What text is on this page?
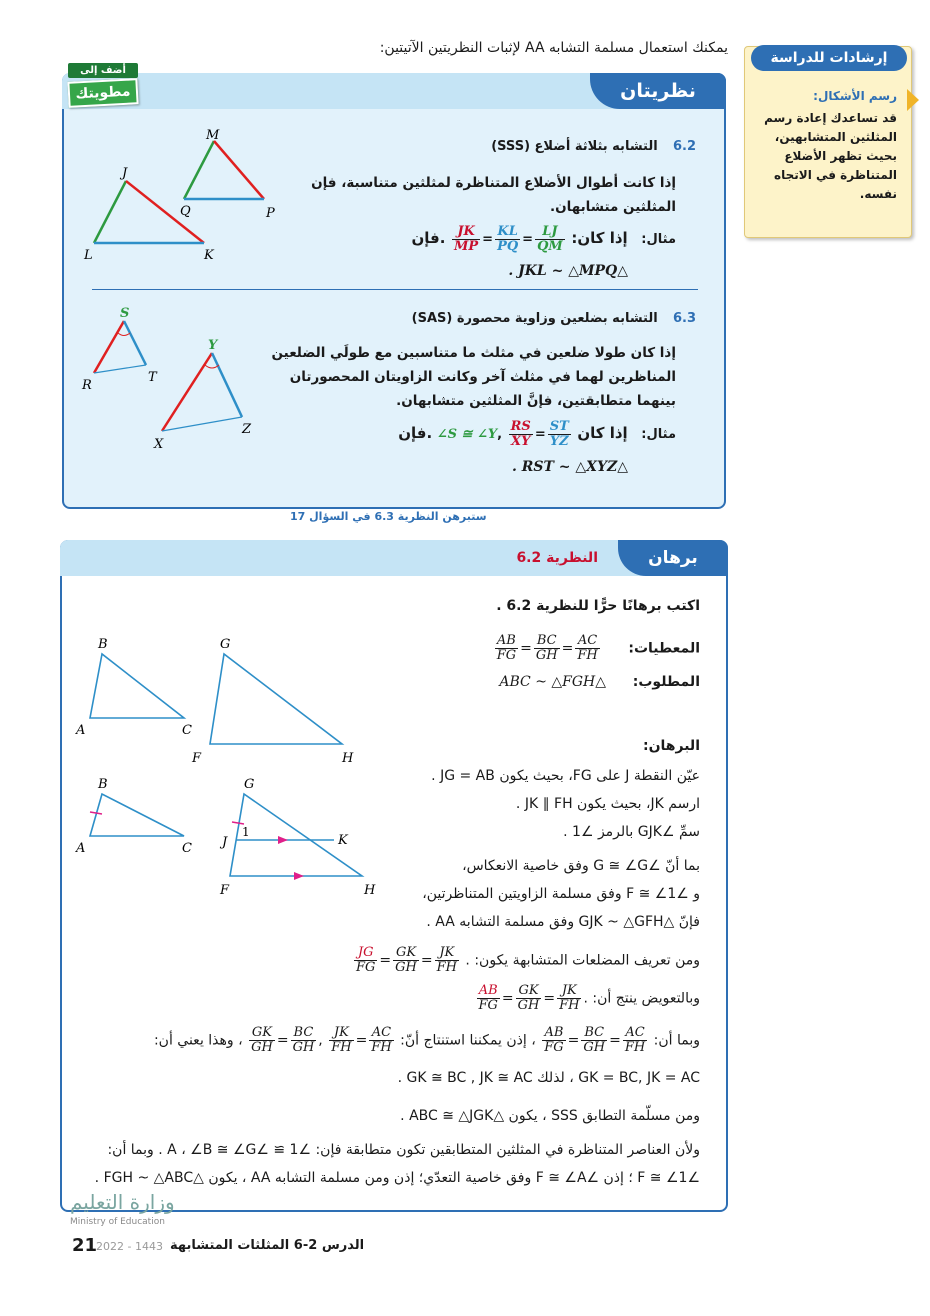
يمكنك استعمال مسلمة التشابه AA لإثبات النظريتين الآتيتين:
إرشادات للدراسة
رسم الأشكال:
قد تساعدك إعادة رسم المثلثين المتشابهين، بحيث تظهر الأضلاع المتناظرة في الاتجاه نفسه.
نظريتان
أضف إلى
مطويتك
6.2   التشابه بثلاثة أضلاع (SSS)
إذا كانت أطوال الأضلاع المتناظرة لمثلثين متناسبة، فإن
المثلثين متشابهان.
مثال:   إذا كان:
$\frac{JK}{MP} = \frac{KL}{PQ} = \frac{LJ}{QM}$
.فإن
△JKL ~ △MPQ .
M
J
Q	P
L	K
6.3   التشابه بضلعين وزاوية محصورة (SAS)
إذا كان طولا ضلعين في مثلث ما متناسبين مع طولَي الضلعين
المناظرين لهما في مثلث آخر وكانت الزاويتان المحصورتان
بينهما متطابقتين، فإنَّ المثلثين متشابهان.
مثال:   إذا كان ∠S ≅ ∠Y, $\frac{RS}{XY} = \frac{ST}{YZ}$
.فإن
△RST ~ △XYZ .
S
R
T
Y
X
Z
ستبرهن النظرية 6.3 في السؤال 17
برهان
النظرية 6.2
اكتب برهانًا حرًّا للنظرية 6.2 .
المعطيات:
$\frac{AB}{FG} = \frac{BC}{GH} = \frac{AC}{FH}$
المطلوب:      △ABC ~ △FGH
البرهان:
عيّن النقطة J على FG، بحيث يكون JG = AB .
ارسم JK، بحيث يكون JK ∥ FH .
سمِّ ∠GJK بالرمز ∠1 .
بما أنّ ∠G ≅ ∠G وفق خاصية الانعكاس،
و ∠F ≅ ∠1 وفق مسلمة الزاويتين المتناظرتين،
فإنّ △GJK ~ △GFH وفق مسلمة التشابه AA .
ومن تعريف المضلعات المتشابهة يكون:
$\frac{JG}{FG} = \frac{GK}{GH} = \frac{JK}{FH}$ .
وبالتعويض ينتج أن:
$\frac{AB}{FG} = \frac{GK}{GH} = \frac{JK}{FH}$ .
وبما أن:
$\frac{AB}{FG} = \frac{BC}{GH} = \frac{AC}{FH}$
، إذن يمكننا استنتاج أنّ:
$\frac{GK}{GH} = \frac{BC}{GH}$ , $\frac{JK}{FH} = \frac{AC}{FH}$
، وهذا يعني أن:
GK = BC, JK = AC ، لذلك GK ≅ BC , JK ≅ AC .
ومن مسلّمة التطابق SSS ، يكون △ABC ≅ △JGK .
ولأن العناصر المتناظرة في المثلثين المتطابقين تكون متطابقة فإن: ∠1 ≅ ∠A ، ∠B ≅ ∠G . وبما أن:
∠F ≅ ∠1 ؛ إذن ∠F ≅ ∠A وفق خاصية التعدّي؛ إذن ومن مسلمة التشابه AA ، يكون △FGH ~ △ABC .
B
A	C
G
F	H
B
A	C
G
J	K
1
F	H
وزارة التعليم
Ministry of Education
2022 - 1443
21	الدرس 2-6 المثلثات المتشابهة
